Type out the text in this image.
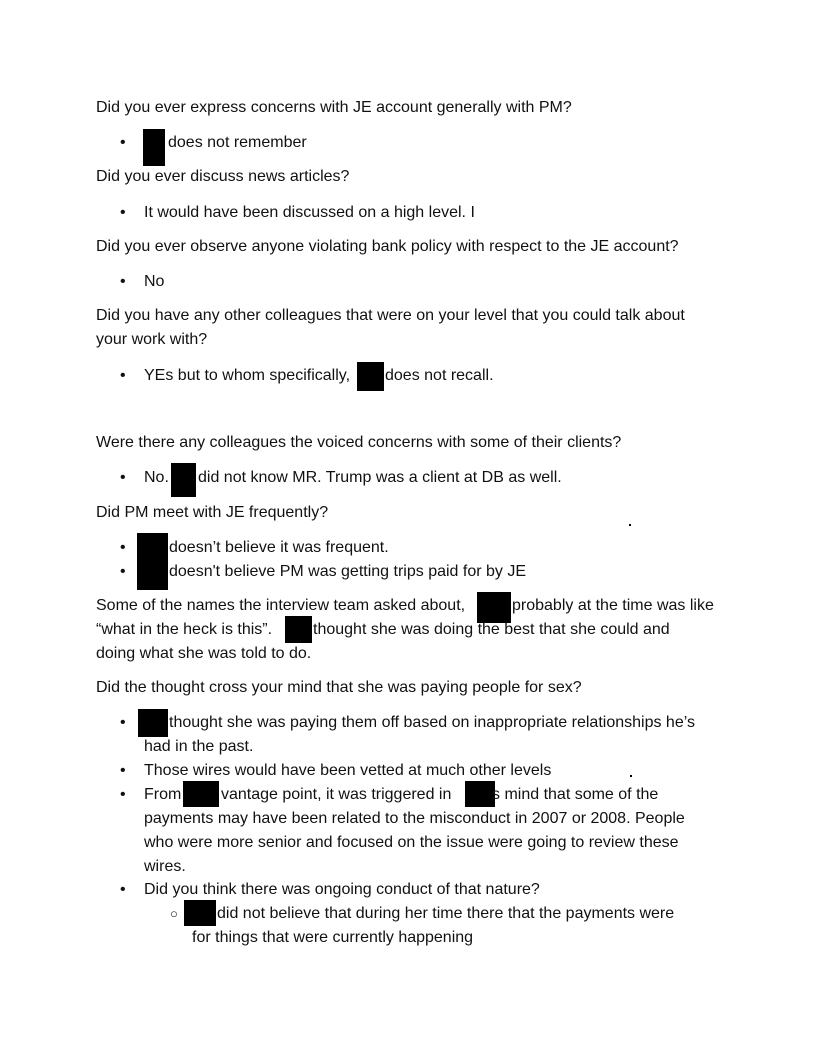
Did you ever express concerns with JE account generally with PM?
•	does not remember
Did you ever discuss news articles?
• It would have been discussed on a high level. I
Did you ever observe anyone violating bank policy with respect to the JE account?
• No
Did you have any other colleagues that were on your level that you could talk about
your work with?
• YEs but to whom specifically, does not recall.
Were there any colleagues the voiced concerns with some of their clients?
• No. did not know MR. Trump was a client at DB as well.
Did PM meet with JE frequently?
•	doesn’t believe it was frequent.
•	doesn't believe PM was getting trips paid for by JE
Some of the names the interview team asked about,	probably at the time was like
“what in the heck is this”.	thought she was doing the best that she could and
doing what she was told to do.
Did the thought cross your mind that she was paying people for sex?
•	thought she was paying them off based on inappropriate relationships he’s
had in the past.
• Those wires would have been vetted at much other levels
• From vantage point, it was triggered in	s mind that some of the
payments may have been related to the misconduct in 2007 or 2008. People
who were more senior and focused on the issue were going to review these
wires.
• Did you think there was ongoing conduct of that nature?
○ did not believe that during her time there that the payments were
for things that were currently happening
